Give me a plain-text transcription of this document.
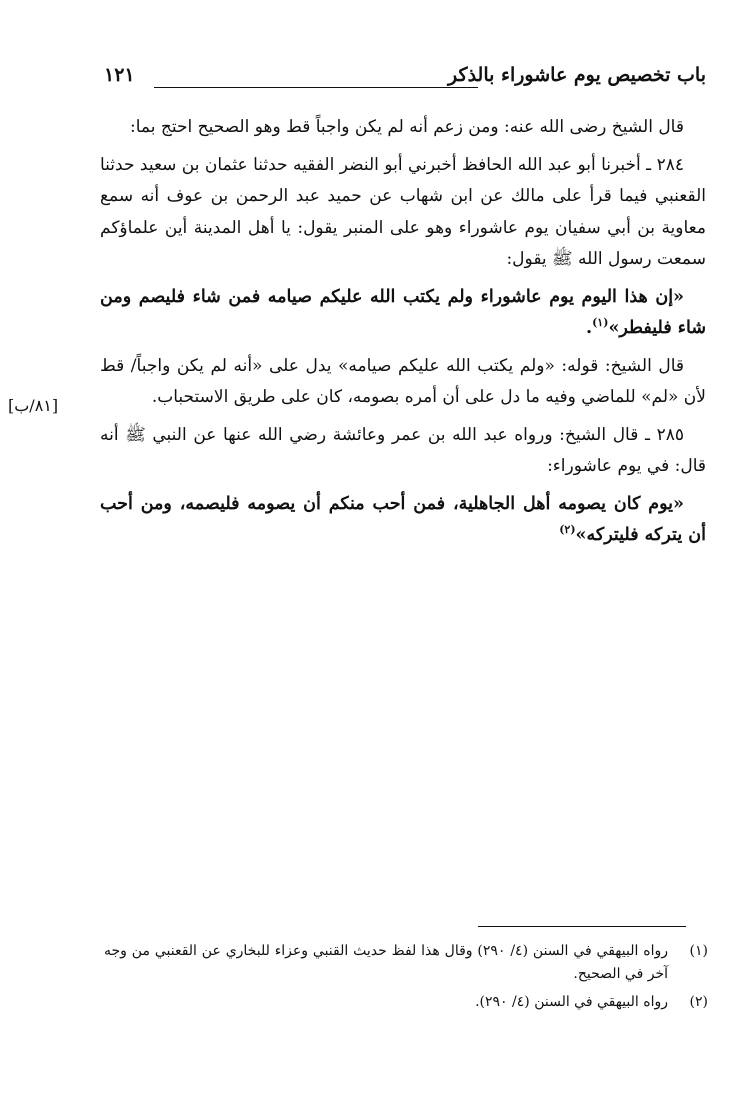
باب تخصيص يوم عاشوراء بالذكر
١٢١
[٨١/ب]

قال الشيخ رضى الله عنه: ومن زعم أنه لم يكن واجباً قط وهو الصحيح احتج بما:

٢٨٤ ـ أخبرنا أبو عبد الله الحافظ أخبرني أبو النضر الفقيه حدثنا عثمان بن سعيد حدثنا القعنبي فيما قرأ على مالك عن ابن شهاب عن حميد عبد الرحمن بن عوف أنه سمع معاوية بن أبي سفيان يوم عاشوراء وهو على المنبر يقول: يا أهل المدينة أين علماؤكم سمعت رسول الله ﷺ يقول:

«إن هذا اليوم يوم عاشوراء ولم يكتب الله عليكم صيامه فمن شاء فليصم ومن شاء فليفطر»$^{(١)}$.

قال الشيخ: قوله: «ولم يكتب الله عليكم صيامه» يدل على «أنه لم يكن واجباً/ قط لأن «لم» للماضي وفيه ما دل على أن أمره بصومه، كان على طريق الاستحباب.

٢٨٥ ـ قال الشيخ: ورواه عبد الله بن عمر وعائشة رضي الله عنها عن النبي ﷺ أنه قال: في يوم عاشوراء:

«يوم كان يصومه أهل الجاهلية، فمن أحب منكم أن يصومه فليصمه، ومن أحب أن يتركه فليتركه»$^{(٢)}$

(١)
رواه البيهقي في السنن (٤/ ٢٩٠) وقال هذا لفظ حديث القنبي وعزاء للبخاري عن القعنبي من وجه آخر في الصحيح.
(٢)
رواه البيهقي في السنن (٤/ ٢٩٠).
